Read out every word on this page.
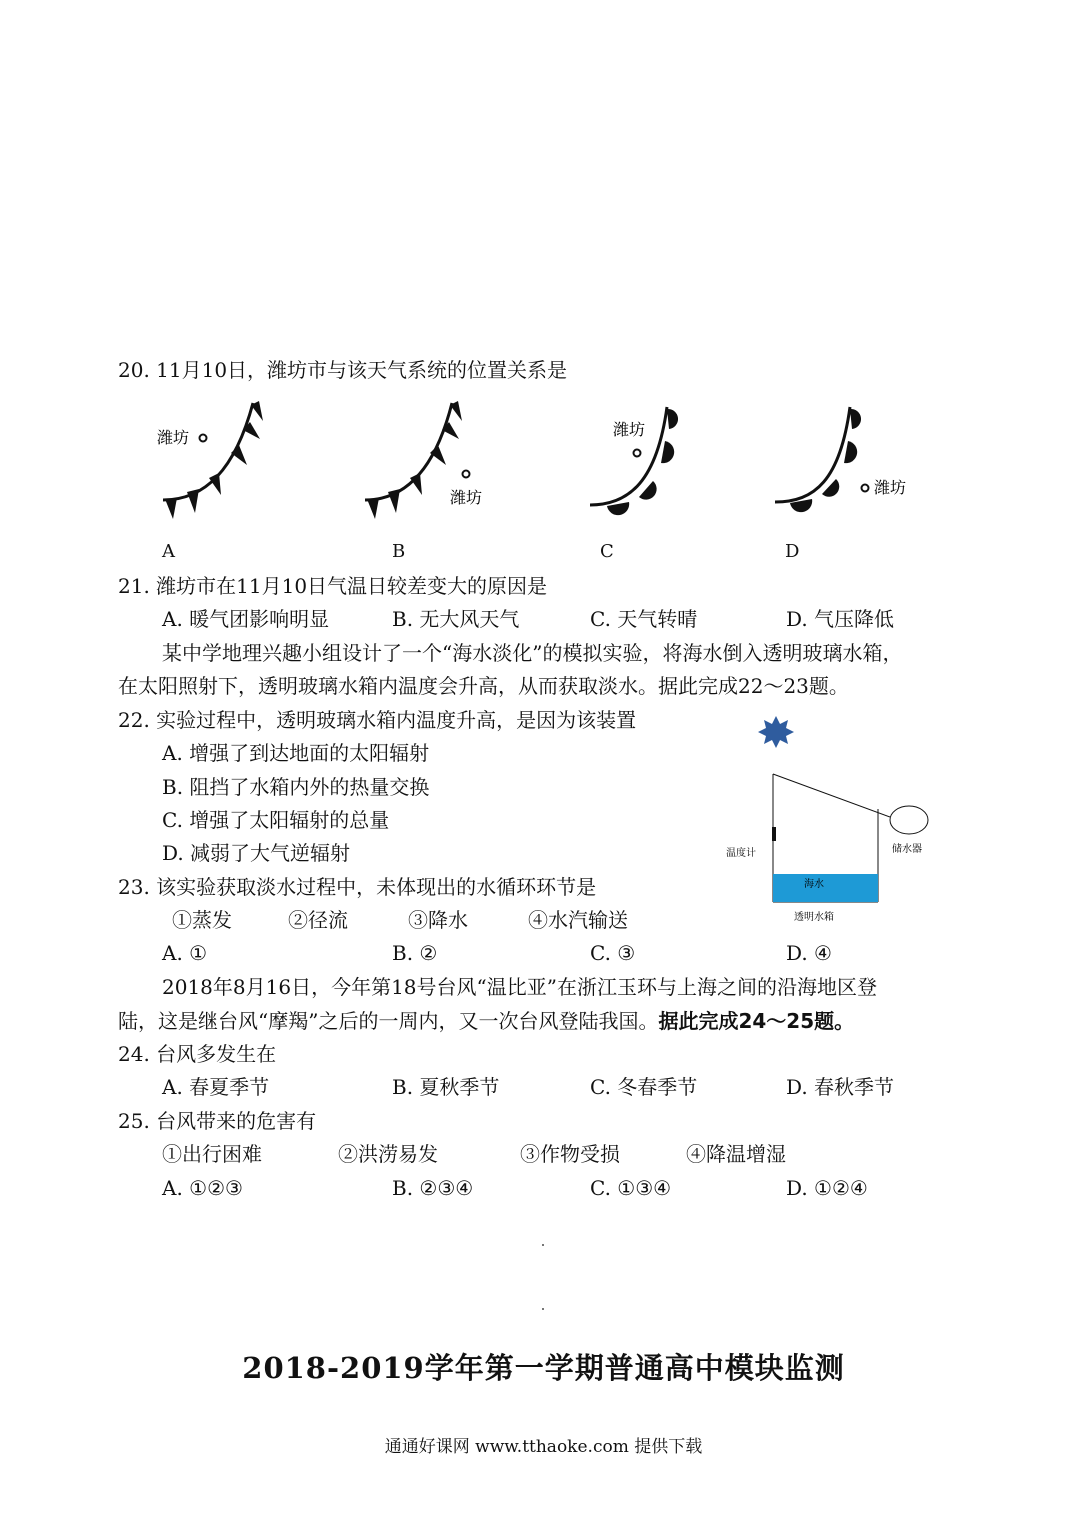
20. 11月10日，潍坊市与该天气系统的位置关系是
潍坊
A
潍坊
B
潍坊
C
潍坊
D
21. 潍坊市在11月10日气温日较差变大的原因是
A. 暖气团影响明显	B. 无大风天气	C. 天气转晴	D. 气压降低
某中学地理兴趣小组设计了一个“海水淡化”的模拟实验，将海水倒入透明玻璃水箱，
在太阳照射下，透明玻璃水箱内温度会升高，从而获取淡水。据此完成22～23题。
22. 实验过程中，透明玻璃水箱内温度升高，是因为该装置
A. 增强了到达地面的太阳辐射
B. 阻挡了水箱内外的热量交换
C. 增强了太阳辐射的总量
D. 减弱了大气逆辐射	温度计	储水器
海水
透明水箱
23. 该实验获取淡水过程中，未体现出的水循环环节是
①蒸发	②径流	③降水	④水汽输送
A. ①	B. ②	C. ③	D. ④
2018年8月16日，今年第18号台风“温比亚”在浙江玉环与上海之间的沿海地区登
陆，这是继台风“摩羯”之后的一周内，又一次台风登陆我国。据此完成24～25题。
24. 台风多发生在
A. 春夏季节	B. 夏秋季节	C. 冬春季节	D. 春秋季节
25. 台风带来的危害有
①出行困难	②洪涝易发	③作物受损	④降温增湿
A. ①②③	B. ②③④	C. ①③④	D. ①②④
2018-2019学年第一学期普通高中模块监测
通通好课网 www.tthaoke.com 提供下载
